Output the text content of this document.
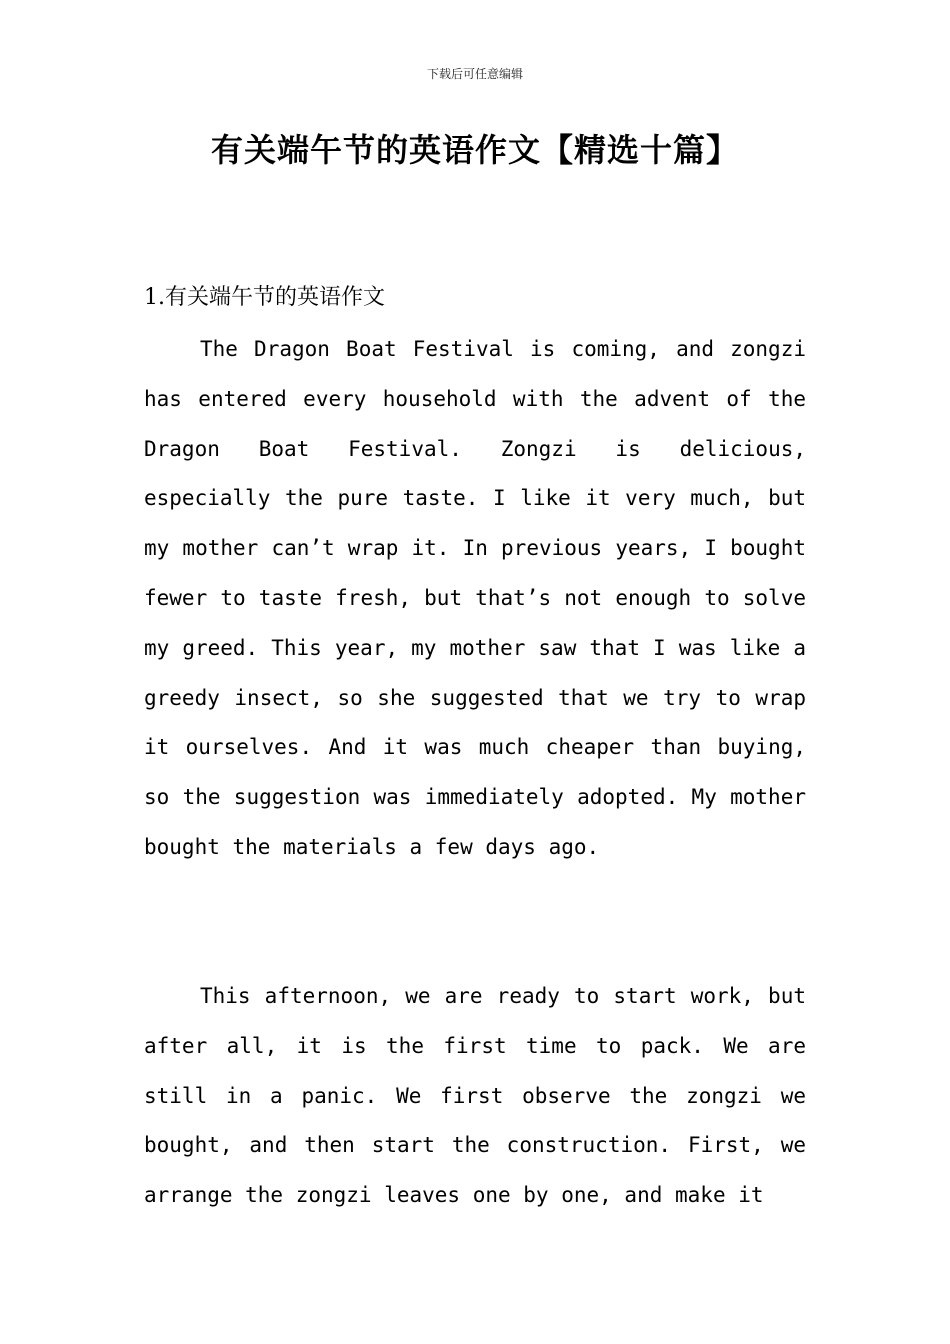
下载后可任意编辑
有关端午节的英语作文【精选十篇】
1.有关端午节的英语作文
The Dragon Boat Festival is coming, and zongzi has entered every household with the advent of the Dragon Boat Festival. Zongzi is delicious, especially the pure taste. I like it very much, but my mother can’t wrap it. In previous years, I bought fewer to taste fresh, but that’s not enough to solve my greed. This year, my mother saw that I was like a greedy insect, so she suggested that we try to wrap it ourselves. And it was much cheaper than buying, so the suggestion was immediately adopted. My mother bought the materials a few days ago.
This afternoon, we are ready to start work, but after all, it is the first time to pack. We are still in a panic. We first observe the zongzi we bought, and then start the construction. First, we arrange the zongzi leaves one by one, and make it
